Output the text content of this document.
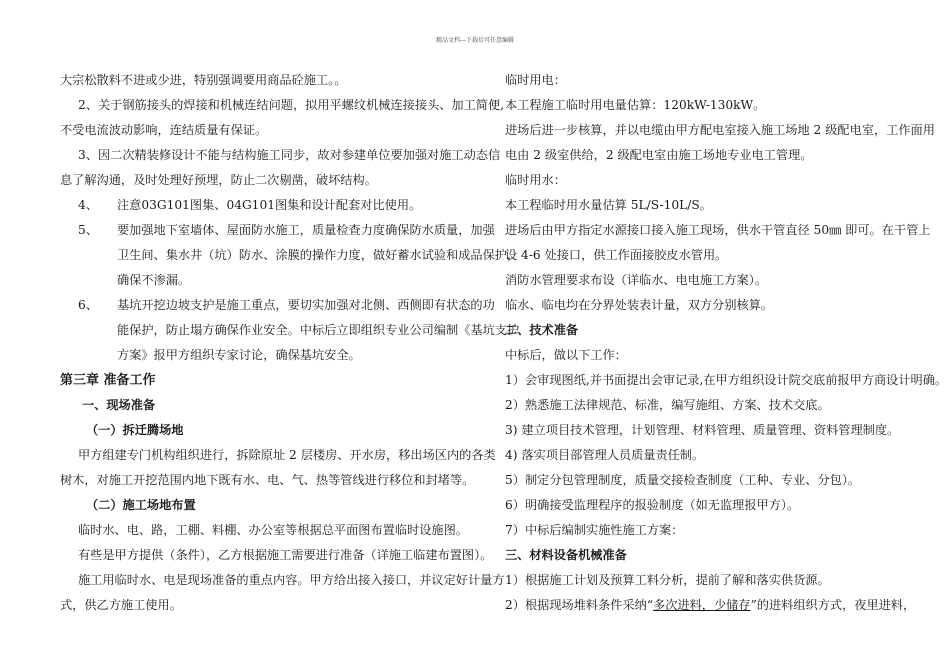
精品文档---下载后可任意编辑
大宗松散料不进或少进，特别强调要用商品砼施工。。
2、关于钢筋接头的焊接和机械连结问题，拟用平螺纹机械连接接头、加工简便,
不受电流波动影响，连结质量有保证。
3、因二次精装修设计不能与结构施工同步，故对参建单位要加强对施工动态信
息了解沟通，及时处理好预埋，防止二次剔凿，破坏结构。
4、 注意03G101图集、04G101图集和设计配套对比使用。
5、 要加强地下室墙体、屋面防水施工，质量检查力度确保防水质量，加强
卫生间、集水井（坑）防水、涂膜的操作力度，做好蓄水试验和成品保护，
确保不渗漏。
6、 基坑开挖边坡支护是施工重点，要切实加强对北侧、西侧即有状态的功
能保护，防止塌方确保作业安全。中标后立即组织专业公司编制《基坑支护
方案》报甲方组织专家讨论，确保基坑安全。
第三章 准备工作
一、现场准备
（一）拆迁腾场地
甲方组建专门机构组织进行，拆除原址 2 层楼房、开水房，移出场区内的各类
树木，对施工开挖范围内地下既有水、电、气、热等管线进行移位和封堵等。
（二）施工场地布置
临时水、电、路，工棚、料棚、办公室等根据总平面图布置临时设施图。
有些是甲方提供（条件），乙方根据施工需要进行准备（详施工临建布置图）。
施工用临时水、电是现场准备的重点内容。甲方给出接入接口，并议定好计量方
式，供乙方施工使用。
临时用电：
本工程施工临时用电量估算：120kW-130kW。
进场后进一步核算，并以电缆由甲方配电室接入施工场地 2 级配电室，工作面用
电由 2 级室供给，2 级配电室由施工场地专业电工管理。
临时用水：
本工程临时用水量估算 5L/S-10L/S。
进场后由甲方指定水源接口接入施工现场，供水干管直径 50㎜ 即可。在干管上
设 4-6 处接口，供工作面接胶皮水管用。
消防水管理要求布设（详临水、电电施工方案）。
临水、临电均在分界处装表计量，双方分别核算。
二、技术准备
中标后，做以下工作：
1）会审现图纸,并书面提出会审记录,在甲方组织设计院交底前报甲方商设计明确。
2）熟悉施工法律规范、标准，编写施组、方案、技术交底。
3) 建立项目技术管理，计划管理、材料管理、质量管理、资料管理制度。
4) 落实项目部管理人员质量责任制。
5）制定分包管理制度，质量交接检查制度（工种、专业、分包）。
6）明确接受监理程序的报验制度（如无监理报甲方）。
7）中标后编制实施性施工方案：
三、材料设备机械准备
1）根据施工计划及预算工料分析，提前了解和落实供货源。
2）根据现场堆料条件采纳“多次进料，少储存”的进料组织方式，夜里进料，
